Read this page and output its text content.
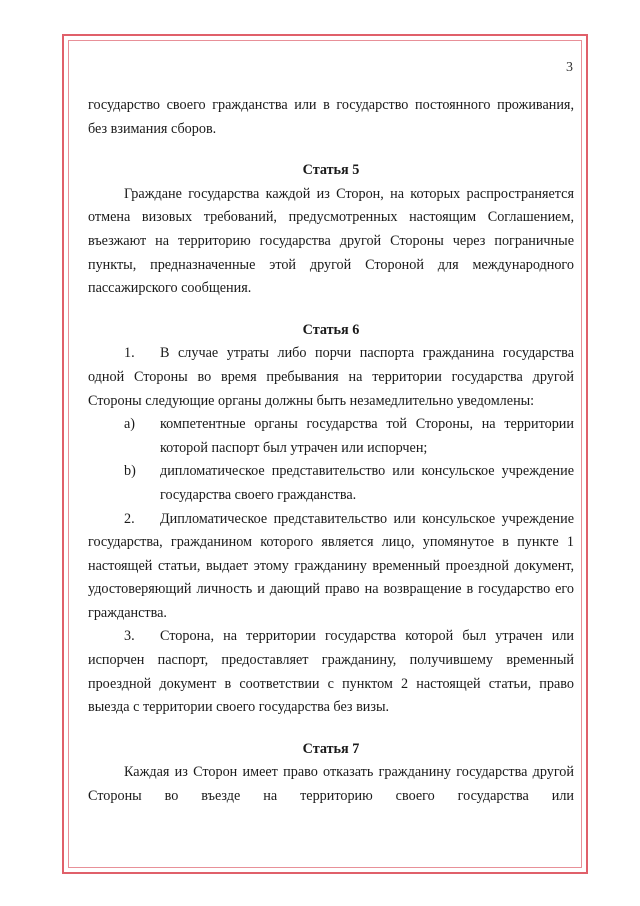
3

государство своего гражданства или в государство постоянного проживания, без взимания сборов.

Статья 5

Граждане государства каждой из Сторон, на которых распространяется отмена визовых требований, предусмотренных настоящим Соглашением, въезжают на территорию государства другой Стороны через пограничные пункты, предназначенные этой другой Стороной для международного пассажирского сообщения.

Статья 6

1. В случае утраты либо порчи паспорта гражданина государства одной Стороны во время пребывания на территории государства другой Стороны следующие органы должны быть незамедлительно уведомлены:

a)	компетентные органы государства той Стороны, на территории которой паспорт был утрачен или испорчен;
b)	дипломатическое представительство или консульское учреждение государства своего гражданства.

2. Дипломатическое представительство или консульское учреждение государства, гражданином которого является лицо, упомянутое в пункте 1 настоящей статьи, выдает этому гражданину временный проездной документ, удостоверяющий личность и дающий право на возвращение в государство его гражданства.

3. Сторона, на территории государства которой был утрачен или испорчен паспорт, предоставляет гражданину, получившему временный проездной документ в соответствии с пунктом 2 настоящей статьи, право выезда с территории своего государства без визы.

Статья 7

Каждая из Сторон имеет право отказать гражданину государства другой Стороны во въезде на территорию своего государства или
